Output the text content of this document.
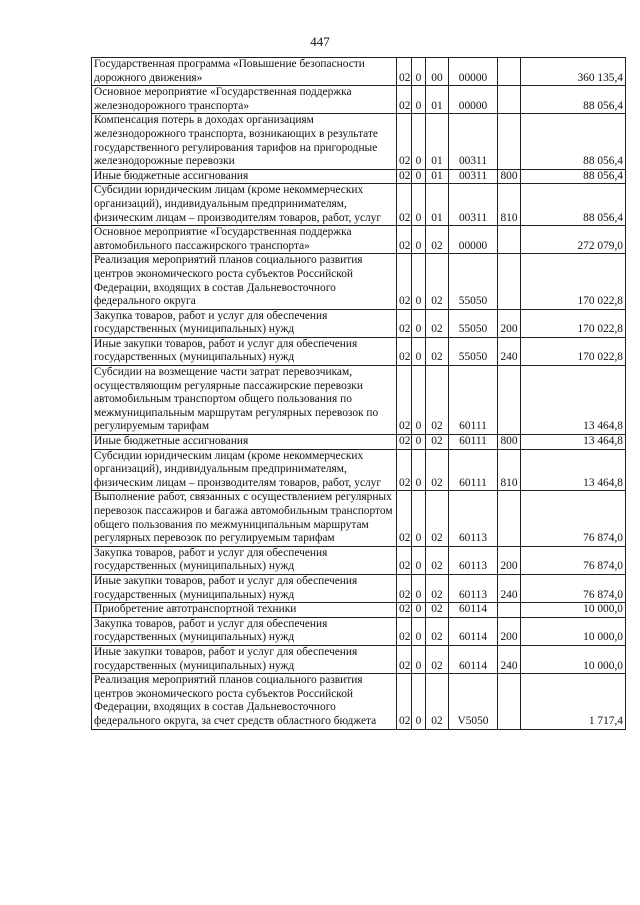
447
Государственная программа «Повышение безопасности дорожного движения»	02	0	00	00000		360 135,4
Основное мероприятие «Государственная поддержка железнодорожного транспорта»	02	0	01	00000		88 056,4
Компенсация потерь в доходах организациям железнодорожного транспорта, возникающих в результате государственного регулирования тарифов на пригородные железнодорожные перевозки	02	0	01	00311		88 056,4
Иные бюджетные ассигнования	02	0	01	00311	800	88 056,4
Субсидии юридическим лицам (кроме некоммерческих организаций), индивидуальным предпринимателям, физическим лицам – производителям товаров, работ, услуг	02	0	01	00311	810	88 056,4
Основное мероприятие «Государственная поддержка автомобильного пассажирского транспорта»	02	0	02	00000		272 079,0
Реализация мероприятий планов социального развития центров экономического роста субъектов Российской Федерации, входящих в состав Дальневосточного федерального округа	02	0	02	55050		170 022,8
Закупка товаров, работ и услуг для обеспечения государственных (муниципальных) нужд	02	0	02	55050	200	170 022,8
Иные закупки товаров, работ и услуг для обеспечения государственных (муниципальных) нужд	02	0	02	55050	240	170 022,8
Субсидии на возмещение части затрат перевозчикам, осуществляющим регулярные пассажирские перевозки автомобильным транспортом общего пользования по межмуниципальным маршрутам регулярных перевозок по регулируемым тарифам	02	0	02	60111		13 464,8
Иные бюджетные ассигнования	02	0	02	60111	800	13 464,8
Субсидии юридическим лицам (кроме некоммерческих организаций), индивидуальным предпринимателям, физическим лицам – производителям товаров, работ, услуг	02	0	02	60111	810	13 464,8
Выполнение работ, связанных с осуществлением регулярных перевозок пассажиров и багажа автомобильным транспортом общего пользования по межмуниципальным маршрутам регулярных перевозок по регулируемым тарифам	02	0	02	60113		76 874,0
Закупка товаров, работ и услуг для обеспечения государственных (муниципальных) нужд	02	0	02	60113	200	76 874,0
Иные закупки товаров, работ и услуг для обеспечения государственных (муниципальных) нужд	02	0	02	60113	240	76 874,0
Приобретение автотранспортной техники	02	0	02	60114		10 000,0
Закупка товаров, работ и услуг для обеспечения государственных (муниципальных) нужд	02	0	02	60114	200	10 000,0
Иные закупки товаров, работ и услуг для обеспечения государственных (муниципальных) нужд	02	0	02	60114	240	10 000,0
Реализация мероприятий планов социального развития центров экономического роста субъектов Российской Федерации, входящих в состав Дальневосточного федерального округа, за счет средств областного бюджета	02	0	02	V5050		1 717,4
